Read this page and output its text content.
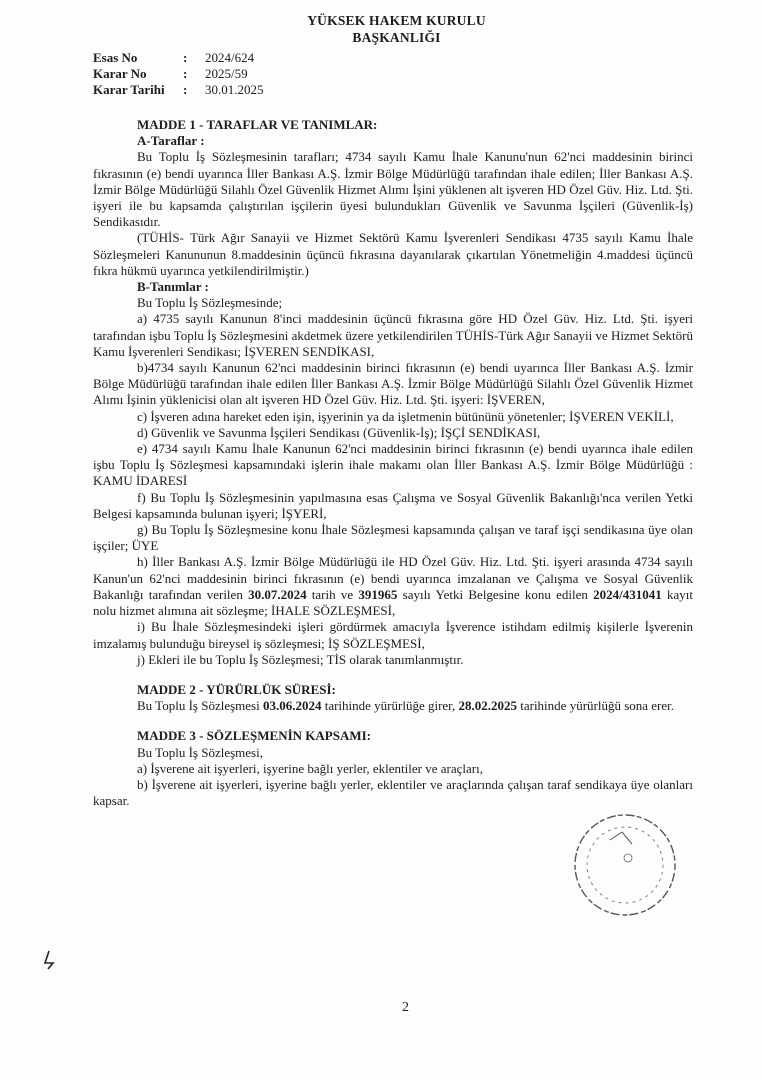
YÜKSEK HAKEM KURULU
BAŞKANLIĞI
Esas No	:	2024/624
Karar No	:	2025/59
Karar Tarihi	:	30.01.2025

MADDE 1 - TARAFLAR VE TANIMLAR:

A-Taraflar :

Bu Toplu İş Sözleşmesinin tarafları; 4734 sayılı Kamu İhale Kanunu'nun 62'nci maddesinin birinci fıkrasının (e) bendi uyarınca İller Bankası A.Ş. İzmir Bölge Müdürlüğü tarafından ihale edilen; İller Bankası A.Ş. İzmir Bölge Müdürlüğü Silahlı Özel Güvenlik Hizmet Alımı İşini yüklenen alt işveren HD Özel Güv. Hiz. Ltd. Şti. işyeri ile bu kapsamda çalıştırılan işçilerin üyesi bulundukları Güvenlik ve Savunma İşçileri (Güvenlik-İş) Sendikasıdır.

(TÜHİS- Türk Ağır Sanayii ve Hizmet Sektörü Kamu İşverenleri Sendikası 4735 sayılı Kamu İhale Sözleşmeleri Kanununun 8.maddesinin üçüncü fıkrasına dayanılarak çıkartılan Yönetmeliğin 4.maddesi üçüncü fıkra hükmü uyarınca yetkilendirilmiştir.)

B-Tanımlar :

Bu Toplu İş Sözleşmesinde;

a) 4735 sayılı Kanunun 8'inci maddesinin üçüncü fıkrasına göre HD Özel Güv. Hiz. Ltd. Şti. işyeri tarafından işbu Toplu İş Sözleşmesini akdetmek üzere yetkilendirilen TÜHİS-Türk Ağır Sanayii ve Hizmet Sektörü Kamu İşverenleri Sendikası; İŞVEREN SENDİKASI,

b)4734 sayılı Kanunun 62'nci maddesinin birinci fıkrasının (e) bendi uyarınca İller Bankası A.Ş. İzmir Bölge Müdürlüğü tarafından ihale edilen İller Bankası A.Ş. İzmir Bölge Müdürlüğü Silahlı Özel Güvenlik Hizmet Alımı İşinin yüklenicisi olan alt işveren HD Özel Güv. Hiz. Ltd. Şti. işyeri: İŞVEREN,

c) İşveren adına hareket eden işin, işyerinin ya da işletmenin bütününü yönetenler; İŞVEREN VEKİLİ,

d) Güvenlik ve Savunma İşçileri Sendikası (Güvenlik-İş); İŞÇİ SENDİKASI,

e) 4734 sayılı Kamu İhale Kanunun 62'nci maddesinin birinci fıkrasının (e) bendi uyarınca ihale edilen işbu Toplu İş Sözleşmesi kapsamındaki işlerin ihale makamı olan İller Bankası A.Ş. İzmir Bölge Müdürlüğü : KAMU İDARESİ

f) Bu Toplu İş Sözleşmesinin yapılmasına esas Çalışma ve Sosyal Güvenlik Bakanlığı'nca verilen Yetki Belgesi kapsamında bulunan işyeri; İŞYERİ,

g) Bu Toplu İş Sözleşmesine konu İhale Sözleşmesi kapsamında çalışan ve taraf işçi sendikasına üye olan işçiler; ÜYE

h) İller Bankası A.Ş. İzmir Bölge Müdürlüğü ile HD Özel Güv. Hiz. Ltd. Şti. işyeri arasında 4734 sayılı Kanun'un 62'nci maddesinin birinci fıkrasının (e) bendi uyarınca imzalanan ve Çalışma ve Sosyal Güvenlik Bakanlığı tarafından verilen 30.07.2024 tarih ve 391965 sayılı Yetki Belgesine konu edilen 2024/431041 kayıt nolu hizmet alımına ait sözleşme; İHALE SÖZLEŞMESİ,

i) Bu İhale Sözleşmesindeki işleri gördürmek amacıyla İşverence istihdam edilmiş kişilerle İşverenin imzalamış bulunduğu bireysel iş sözleşmesi; İŞ SÖZLEŞMESİ,

j) Ekleri ile bu Toplu İş Sözleşmesi; TİS olarak tanımlanmıştır.

MADDE 2 - YÜRÜRLÜK SÜRESİ:

Bu Toplu İş Sözleşmesi 03.06.2024 tarihinde yürürlüğe girer, 28.02.2025 tarihinde yürürlüğü sona erer.

MADDE 3 - SÖZLEŞMENİN KAPSAMI:

Bu Toplu İş Sözleşmesi,

a) İşverene ait işyerleri, işyerine bağlı yerler, eklentiler ve araçları,

b) İşverene ait işyerleri, işyerine bağlı yerler, eklentiler ve araçlarında çalışan taraf sendikaya üye olanları kapsar.

2
